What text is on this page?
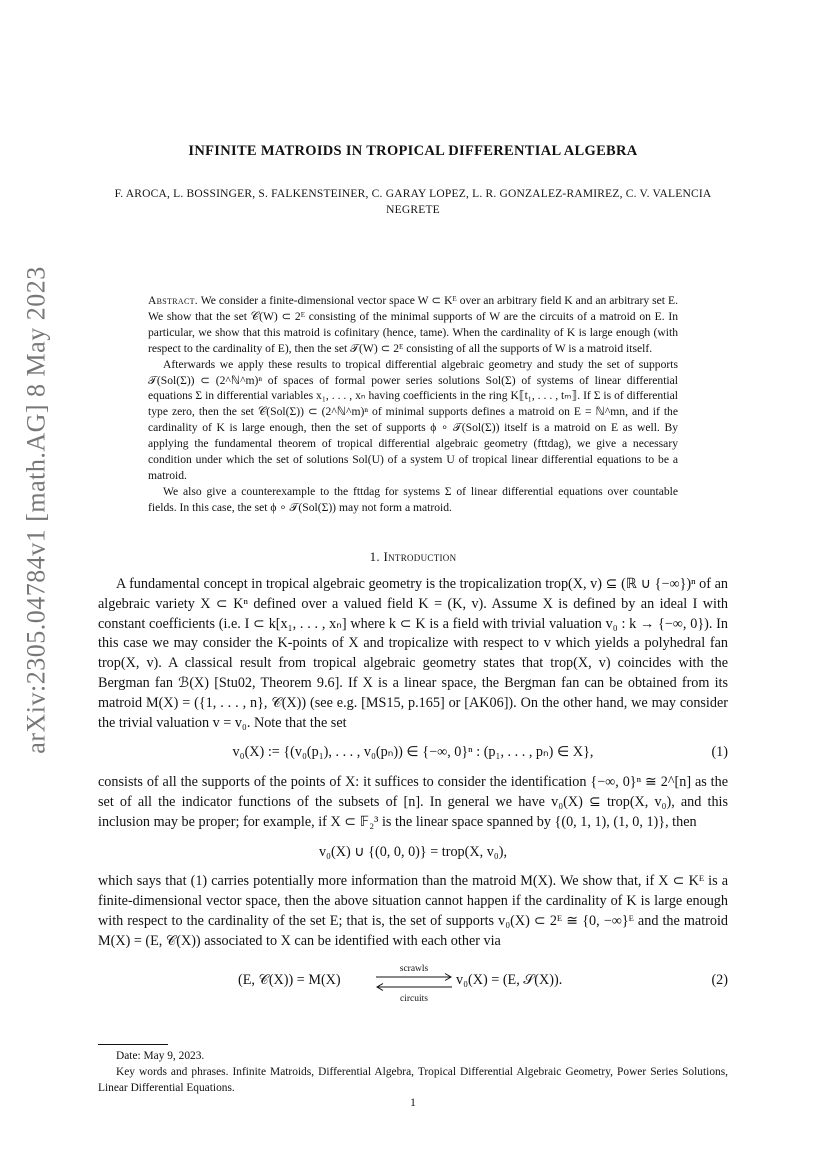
arXiv:2305.04784v1 [math.AG] 8 May 2023
INFINITE MATROIDS IN TROPICAL DIFFERENTIAL ALGEBRA
F. AROCA, L. BOSSINGER, S. FALKENSTEINER, C. GARAY LOPEZ, L. R. GONZALEZ-RAMIREZ, C. V. VALENCIA NEGRETE

Abstract. We consider a finite-dimensional vector space W ⊂ Kᴱ over an arbitrary field K and an arbitrary set E. We show that the set 𝒞(W) ⊂ 2ᴱ consisting of the minimal supports of W are the circuits of a matroid on E. In particular, we show that this matroid is cofinitary (hence, tame). When the cardinality of K is large enough (with respect to the cardinality of E), then the set 𝒯(W) ⊂ 2ᴱ consisting of all the supports of W is a matroid itself.

Afterwards we apply these results to tropical differential algebraic geometry and study the set of supports 𝒯(Sol(Σ)) ⊂ (2^ℕ^m)ⁿ of spaces of formal power series solutions Sol(Σ) of systems of linear differential equations Σ in differential variables x₁, . . . , xₙ having coefficients in the ring K⟦t₁, . . . , tₘ⟧. If Σ is of differential type zero, then the set 𝒞(Sol(Σ)) ⊂ (2^ℕ^m)ⁿ of minimal supports defines a matroid on E = ℕ^mn, and if the cardinality of K is large enough, then the set of supports ϕ ∘ 𝒯(Sol(Σ)) itself is a matroid on E as well. By applying the fundamental theorem of tropical differential algebraic geometry (fttdag), we give a necessary condition under which the set of solutions Sol(U) of a system U of tropical linear differential equations to be a matroid.

We also give a counterexample to the fttdag for systems Σ of linear differential equations over countable fields. In this case, the set ϕ ∘ 𝒯(Sol(Σ)) may not form a matroid.

1. Introduction

A fundamental concept in tropical algebraic geometry is the tropicalization trop(X, v) ⊆ (ℝ ∪ {−∞})ⁿ of an algebraic variety X ⊂ Kⁿ defined over a valued field K = (K, v). Assume X is defined by an ideal I with constant coefficients (i.e. I ⊂ k[x₁, . . . , xₙ] where k ⊂ K is a field with trivial valuation v₀ : k → {−∞, 0}). In this case we may consider the K-points of X and tropicalize with respect to v which yields a polyhedral fan trop(X, v). A classical result from tropical algebraic geometry states that trop(X, v) coincides with the Bergman fan ℬ(X) [Stu02, Theorem 9.6]. If X is a linear space, the Bergman fan can be obtained from its matroid M(X) = ({1, . . . , n}, 𝒞(X)) (see e.g. [MS15, p.165] or [AK06]). On the other hand, we may consider the trivial valuation v = v₀. Note that the set

v₀(X) := {(v₀(p₁), . . . , v₀(pₙ)) ∈ {−∞, 0}ⁿ : (p₁, . . . , pₙ) ∈ X},	(1)

consists of all the supports of the points of X: it suffices to consider the identification {−∞, 0}ⁿ ≅ 2^[n] as the set of all the indicator functions of the subsets of [n]. In general we have v₀(X) ⊆ trop(X, v₀), and this inclusion may be proper; for example, if X ⊂ 𝔽₂³ is the linear space spanned by {(0, 1, 1), (1, 0, 1)}, then

v₀(X) ∪ {(0, 0, 0)} = trop(X, v₀),

which says that (1) carries potentially more information than the matroid M(X). We show that, if X ⊂ Kᴱ is a finite-dimensional vector space, then the above situation cannot happen if the cardinality of K is large enough with respect to the cardinality of the set E; that is, the set of supports v₀(X) ⊂ 2ᴱ ≅ {0, −∞}ᴱ and the matroid M(X) = (E, 𝒞(X)) associated to X can be identified with each other via

(E, 𝒞(X)) = M(X)
scrawls
circuits
v₀(X) = (E, 𝒮(X)).	(2)

Date: May 9, 2023.

Key words and phrases. Infinite Matroids, Differential Algebra, Tropical Differential Algebraic Geometry, Power Series Solutions, Linear Differential Equations.

1
